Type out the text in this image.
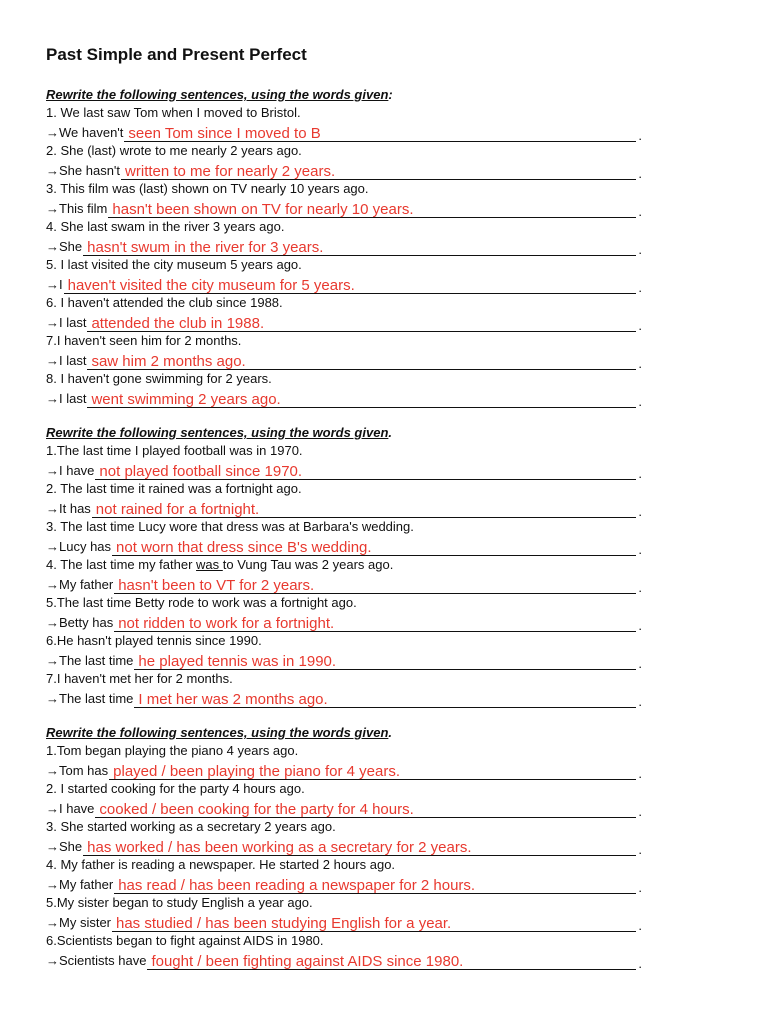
Past Simple and Present Perfect
Rewrite the following sentences, using the words given:
1. We last saw Tom when I moved to Bristol.
→ We haven't seen Tom since I moved to B	.
2. She (last) wrote to me nearly 2 years ago.
→ She hasn't written to me for nearly 2 years.	.
3. This film was (last) shown on TV nearly 10 years ago.
→ This film hasn't been shown on TV for nearly 10 years.	.
4. She last swam in the river 3 years ago.
→ She hasn't swum in the river for 3 years.	.
5. I last visited the city museum 5 years ago.
→ I haven't visited the city museum for 5 years.	.
6. I haven't attended the club since 1988.
→ I last attended the club in 1988.	.
7.I haven't seen him for 2 months.
→ I last saw him 2 months ago.	.
8. I haven't gone swimming for 2 years.
→ I last went swimming 2 years ago.	.
Rewrite the following sentences, using the words given.
1.The last time I played football was in 1970.
→ I have not played football since 1970.	.
2. The last time it rained was a fortnight ago.
→ It has not rained for a fortnight.	.
3. The last time Lucy wore that dress was at Barbara's wedding.
→ Lucy has not worn that dress since B's wedding.	.
4. The last time my father was to Vung Tau was 2 years ago.
→ My father hasn't been to VT for 2 years.	.
5.The last time Betty rode to work was a fortnight ago.
→ Betty has not ridden to work for a fortnight.	.
6.He hasn't played tennis since 1990.
→ The last time he played tennis was in 1990.	.
7.I haven't met her for 2 months.
→ The last time I met her was 2 months ago.	.
Rewrite the following sentences, using the words given.
1.Tom began playing the piano 4 years ago.
→ Tom has played / been playing the piano for 4 years.	.
2. I started cooking for the party 4 hours ago.
→ I have cooked / been cooking for the party for 4 hours.	.
3. She started working as a secretary 2 years ago.
→ She has worked / has been working as a secretary for 2 years.	.
4. My father is reading a newspaper. He started 2 hours ago.
→ My father has read / has been reading a newspaper for 2 hours.	.
5.My sister began to study English a year ago.
→ My sister has studied / has been studying English for a year.	.
6.Scientists began to fight against AIDS in 1980.
→ Scientists have fought / been fighting against AIDS since 1980.	.
